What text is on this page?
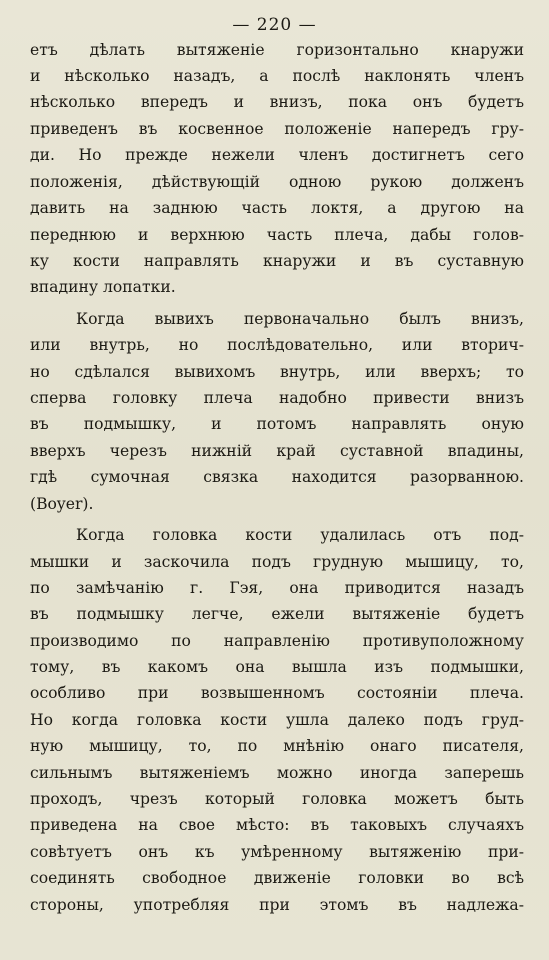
— 220 —
етъ дѣлать вытяженіе горизонтально кнаружи
и нѣсколько назадъ, а послѣ наклонять членъ
нѣсколько впередъ и внизъ, пока онъ будетъ
приведенъ въ косвенное положеніе напередъ гру-
ди. Но прежде нежели членъ достигнетъ сего
положенія, дѣйствующій одною рукою долженъ
давить на заднюю часть локтя, а другою на
переднюю и верхнюю часть плеча, дабы голов-
ку кости направлять кнаружи и въ суставную
впадину лопатки.
Когда вывихъ первоначально былъ внизъ,
или внутрь, но послѣдовательно, или вторич-
но сдѣлался вывихомъ внутрь, или вверхъ; то
сперва головку плеча надобно привести внизъ
въ подмышку, и потомъ направлять оную
вверхъ черезъ нижній край суставной впадины,
гдѣ сумочная связка находится разорванною.
(Boyer).
Когда головка кости удалилась отъ под-
мышки и заскочила подъ грудную мышицу, то,
по замѣчанію г. Гэя, она приводится назадъ
въ подмышку легче, ежели вытяженіе будетъ
производимо по направленію противуположному
тому, въ какомъ она вышла изъ подмышки,
особливо при возвышенномъ состояніи плеча.
Но когда головка кости ушла далеко подъ груд-
ную мышицу, то, по мнѣнію онаго писателя,
сильнымъ вытяженіемъ можно иногда заперешь
проходъ, чрезъ который головка можетъ быть
приведена на свое мѣсто: въ таковыхъ случаяхъ
совѣтуетъ онъ къ умѣренному вытяженію при-
соединять свободное движеніе головки во всѣ
стороны, употребляя при этомъ въ надлежа-
